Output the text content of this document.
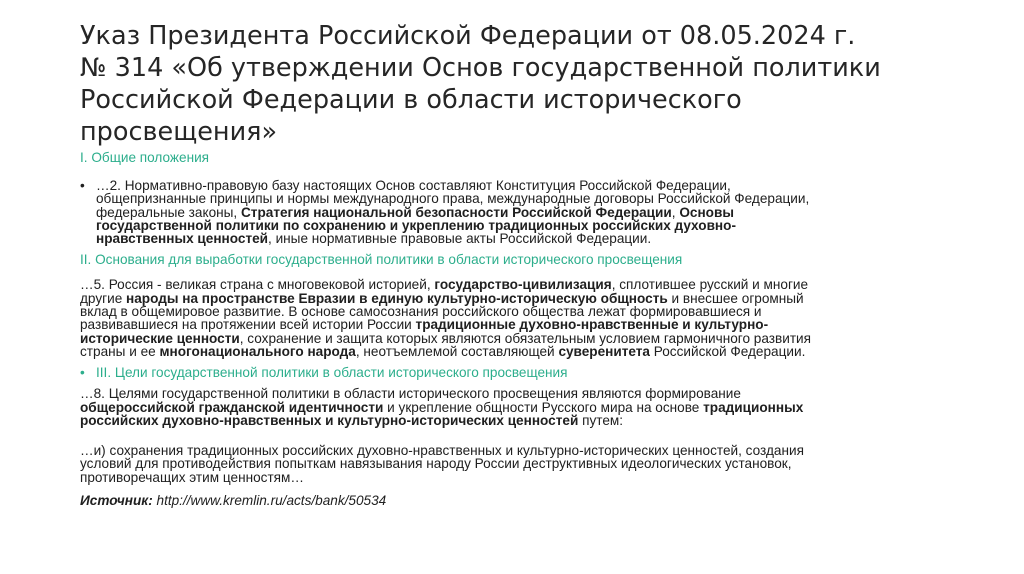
Указ Президента Российской Федерации от 08.05.2024 г.
№ 314 «Об утверждении Основ государственной политики
Российской Федерации в области исторического
просвещения»
I. Общие положения
• …2. Нормативно-правовую базу настоящих Основ составляют Конституция Российской Федерации,
общепризнанные принципы и нормы международного права, международные договоры Российской Федерации,
федеральные законы, Стратегия национальной безопасности Российской Федерации, Основы
государственной политики по сохранению и укреплению традиционных российских духовно-
нравственных ценностей, иные нормативные правовые акты Российской Федерации.

II. Основания для выработки государственной политики в области исторического просвещения

…5. Россия - великая страна с многовековой историей, государство-цивилизация, сплотившее русский и многие
другие народы на пространстве Евразии в единую культурно-историческую общность и внесшее огромный
вклад в общемировое развитие. В основе самосознания российского общества лежат формировавшиеся и
развивавшиеся на протяжении всей истории России традиционные духовно-нравственные и культурно-
исторические ценности, сохранение и защита которых являются обязательным условием гармоничного развития
страны и ее многонационального народа, неотъемлемой составляющей суверенитета Российской Федерации.

• III. Цели государственной политики в области исторического просвещения

…8. Целями государственной политики в области исторического просвещения являются формирование
общероссийской гражданской идентичности и укрепление общности Русского мира на основе традиционных
российских духовно-нравственных и культурно-исторических ценностей путем:

…и) сохранения традиционных российских духовно-нравственных и культурно-исторических ценностей, создания
условий для противодействия попыткам навязывания народу России деструктивных идеологических установок,
противоречащих этим ценностям…

Источник: http://www.kremlin.ru/acts/bank/50534
